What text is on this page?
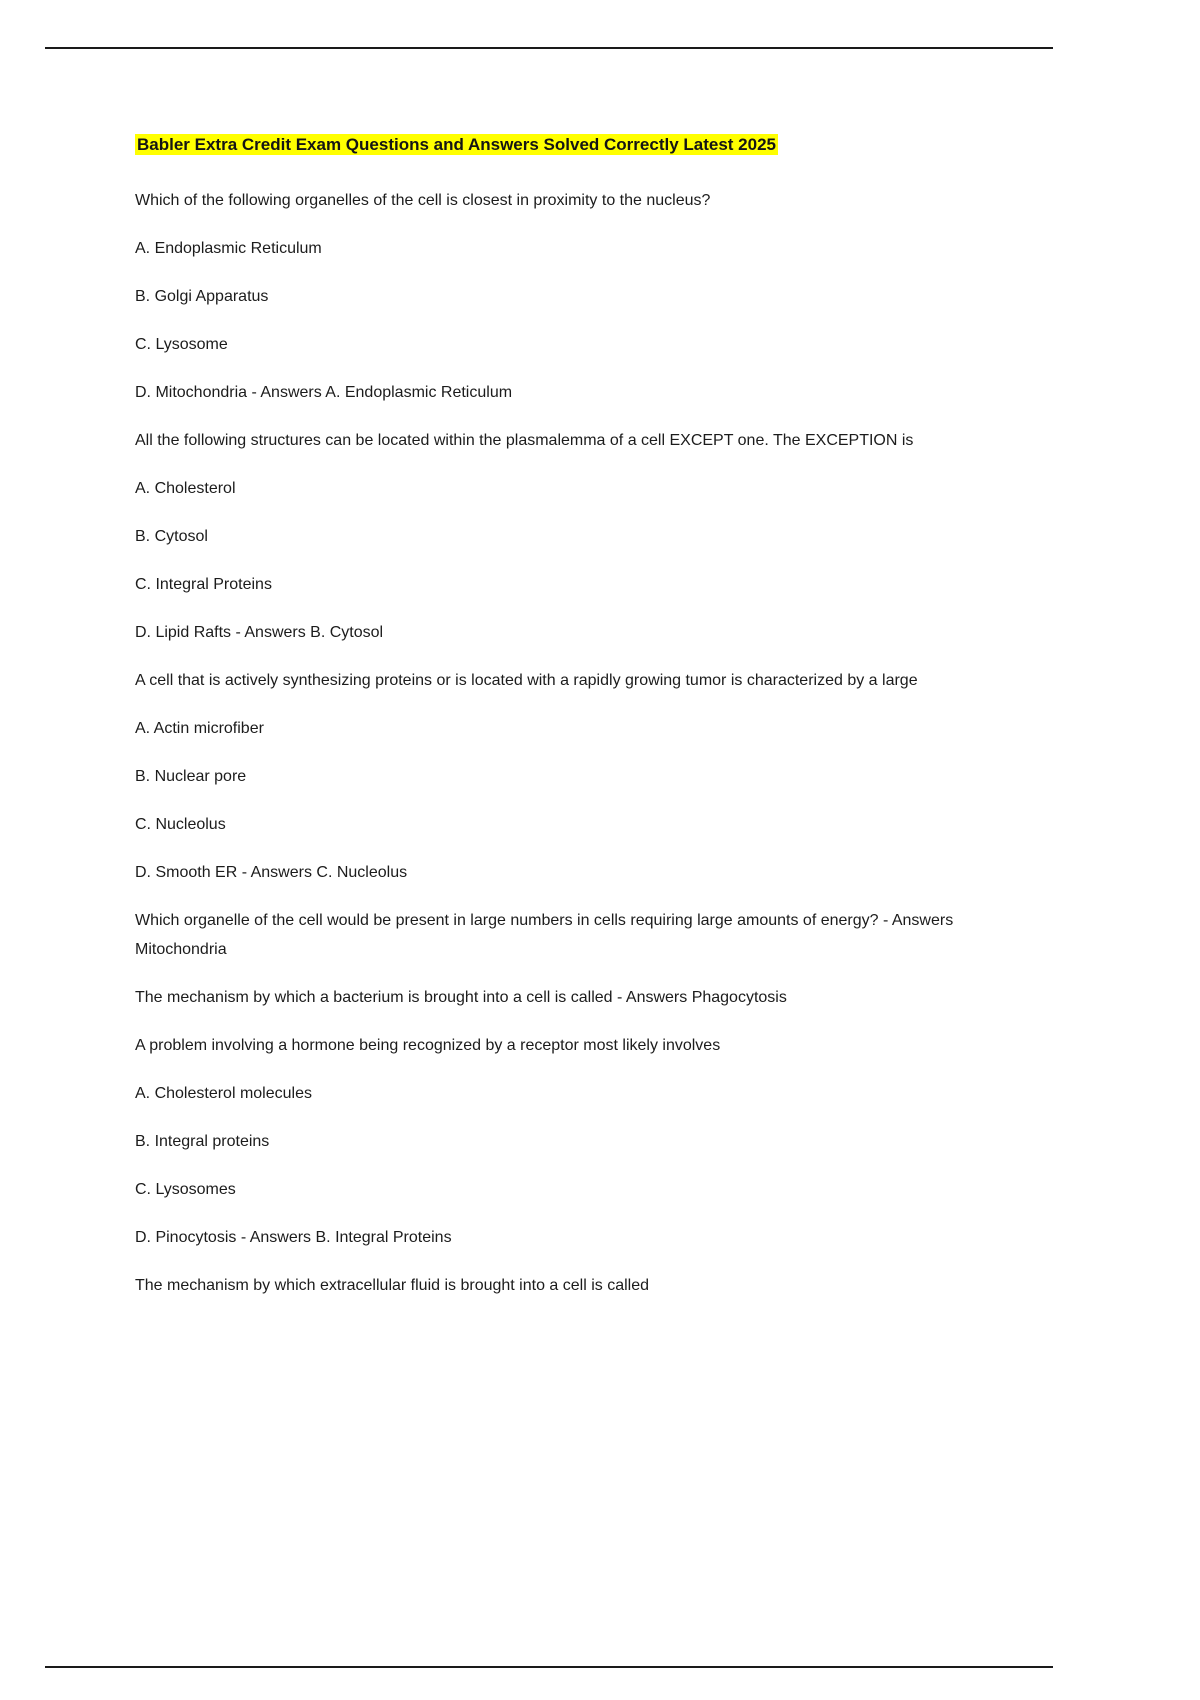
Babler Extra Credit Exam Questions and Answers Solved Correctly Latest 2025

Which of the following organelles of the cell is closest in proximity to the nucleus?

A. Endoplasmic Reticulum

B. Golgi Apparatus

C. Lysosome

D. Mitochondria - Answers A. Endoplasmic Reticulum

All the following structures can be located within the plasmalemma of a cell EXCEPT one. The EXCEPTION is

A. Cholesterol

B. Cytosol

C. Integral Proteins

D. Lipid Rafts - Answers B. Cytosol

A cell that is actively synthesizing proteins or is located with a rapidly growing tumor is characterized by a large

A. Actin microfiber

B. Nuclear pore

C. Nucleolus

D. Smooth ER - Answers C. Nucleolus

Which organelle of the cell would be present in large numbers in cells requiring large amounts of energy? - Answers Mitochondria

The mechanism by which a bacterium is brought into a cell is called - Answers Phagocytosis

A problem involving a hormone being recognized by a receptor most likely involves

A. Cholesterol molecules

B. Integral proteins

C. Lysosomes

D. Pinocytosis - Answers B. Integral Proteins

The mechanism by which extracellular fluid is brought into a cell is called
